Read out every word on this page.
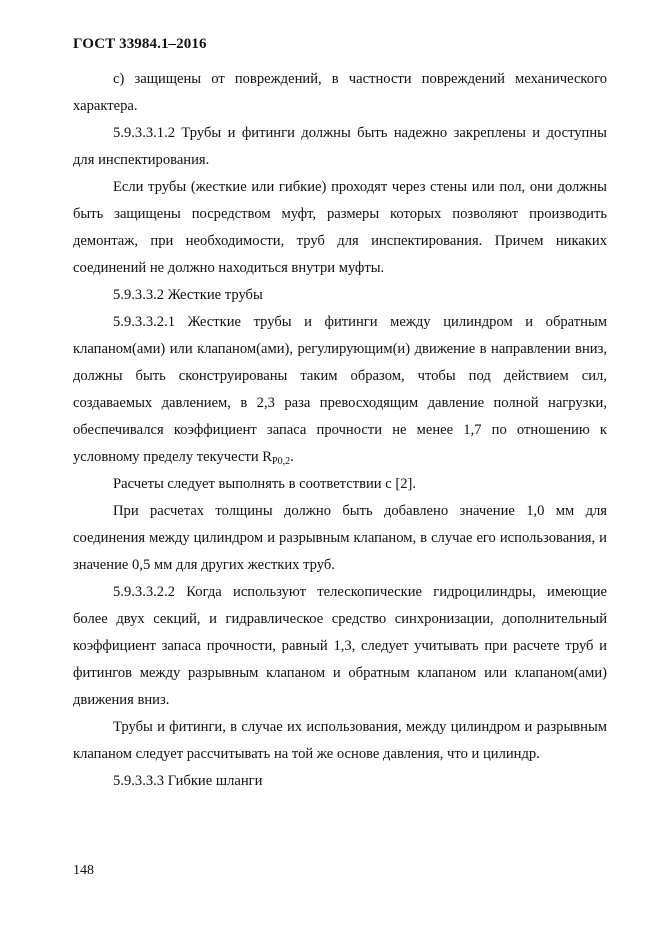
ГОСТ 33984.1–2016

с) защищены от повреждений, в частности повреждений механического характера.

5.9.3.3.1.2 Трубы и фитинги должны быть надежно закреплены и доступны для инспектирования.

Если трубы (жесткие или гибкие) проходят через стены или пол, они должны быть защищены посредством муфт, размеры которых позволяют производить демонтаж, при необходимости, труб для инспектирования. Причем никаких соединений не должно находиться внутри муфты.

5.9.3.3.2 Жесткие трубы

5.9.3.3.2.1 Жесткие трубы и фитинги между цилиндром и обратным клапаном(ами) или клапаном(ами), регулирующим(и) движение в направлении вниз, должны быть сконструированы таким образом, чтобы под действием сил, создаваемых давлением, в 2,3 раза превосходящим давление полной нагрузки, обеспечивался коэффициент запаса прочности не менее 1,7 по отношению к условному пределу текучести $R_{P0,2}$.

Расчеты следует выполнять в соответствии с [2].

При расчетах толщины должно быть добавлено значение 1,0 мм для соединения между цилиндром и разрывным клапаном, в случае его использования, и значение 0,5 мм для других жестких труб.

5.9.3.3.2.2 Когда используют телескопические гидроцилиндры, имеющие более двух секций, и гидравлическое средство синхронизации, дополнительный коэффициент запаса прочности, равный 1,3, следует учитывать при расчете труб и фитингов между разрывным клапаном и обратным клапаном или клапаном(ами) движения вниз.

Трубы и фитинги, в случае их использования, между цилиндром и разрывным клапаном следует рассчитывать на той же основе давления, что и цилиндр.

5.9.3.3.3 Гибкие шланги

148
